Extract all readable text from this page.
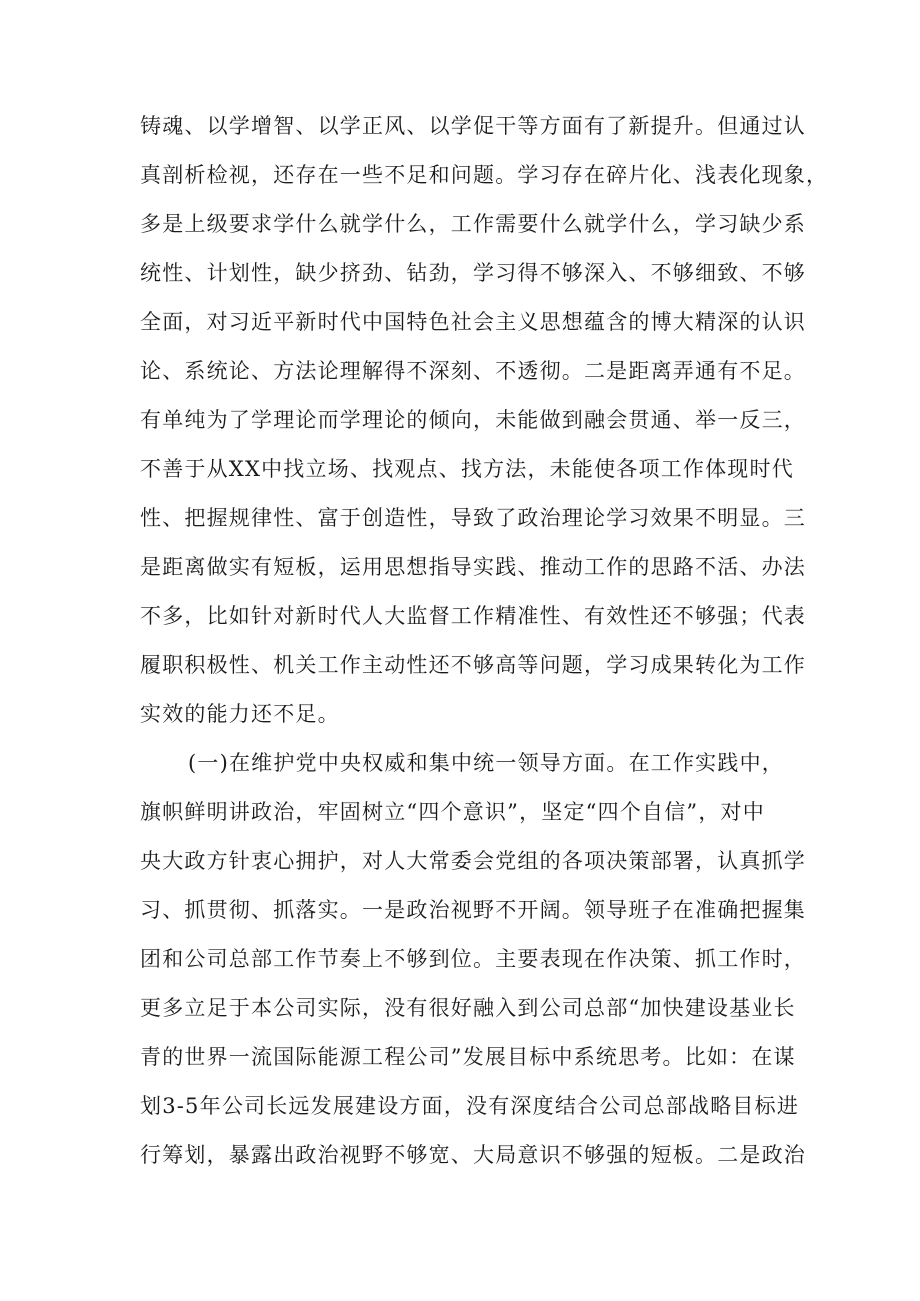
铸魂、以学增智、以学正风、以学促干等方面有了新提升。但通过认
真剖析检视，还存在一些不足和问题。学习存在碎片化、浅表化现象，
多是上级要求学什么就学什么，工作需要什么就学什么，学习缺少系
统性、计划性，缺少挤劲、钻劲，学习得不够深入、不够细致、不够
全面，对习近平新时代中国特色社会主义思想蕴含的博大精深的认识
论、系统论、方法论理解得不深刻、不透彻。二是距离弄通有不足。
有单纯为了学理论而学理论的倾向，未能做到融会贯通、举一反三，
不善于从XX中找立场、找观点、找方法，未能使各项工作体现时代
性、把握规律性、富于创造性，导致了政治理论学习效果不明显。三
是距离做实有短板，运用思想指导实践、推动工作的思路不活、办法
不多，比如针对新时代人大监督工作精准性、有效性还不够强；代表
履职积极性、机关工作主动性还不够高等问题，学习成果转化为工作
实效的能力还不足。
(一)在维护党中央权威和集中统一领导方面。在工作实践中，
旗帜鲜明讲政治，牢固树立“四个意识”，坚定“四个自信”，对中
央大政方针衷心拥护，对人大常委会党组的各项决策部署，认真抓学
习、抓贯彻、抓落实。一是政治视野不开阔。领导班子在准确把握集
团和公司总部工作节奏上不够到位。主要表现在作决策、抓工作时，
更多立足于本公司实际，没有很好融入到公司总部“加快建设基业长
青的世界一流国际能源工程公司”发展目标中系统思考。比如：在谋
划3-5年公司长远发展建设方面，没有深度结合公司总部战略目标进
行筹划，暴露出政治视野不够宽、大局意识不够强的短板。二是政治
